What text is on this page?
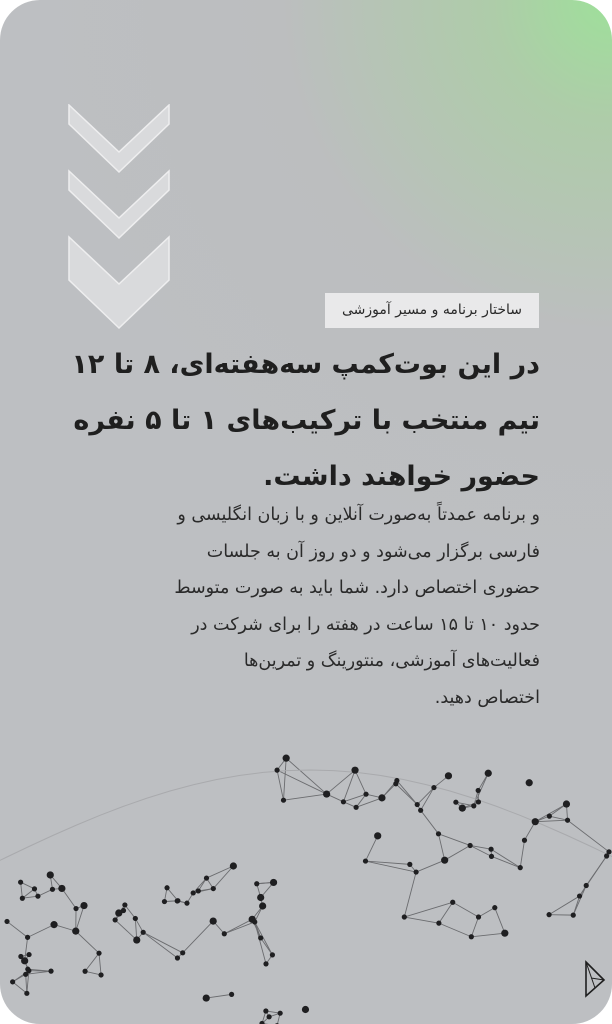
ساختار برنامه و مسیر آموزشی
در این بوت‌کمپ سه‌هفته‌ای، ۸ تا ۱۲
تیم منتخب با ترکیب‌های ۱ تا ۵ نفره
حضور خواهند داشت.
و برنامه عمدتاً به‌صورت آنلاین و با زبان انگلیسی و
فارسی برگزار می‌شود و دو روز آن به جلسات
حضوری اختصاص دارد. شما باید به صورت متوسط
حدود ۱۰ تا ۱۵ ساعت در هفته را برای شرکت در
فعالیت‌های آموزشی، منتورینگ و تمرین‌ها
اختصاص دهید.
